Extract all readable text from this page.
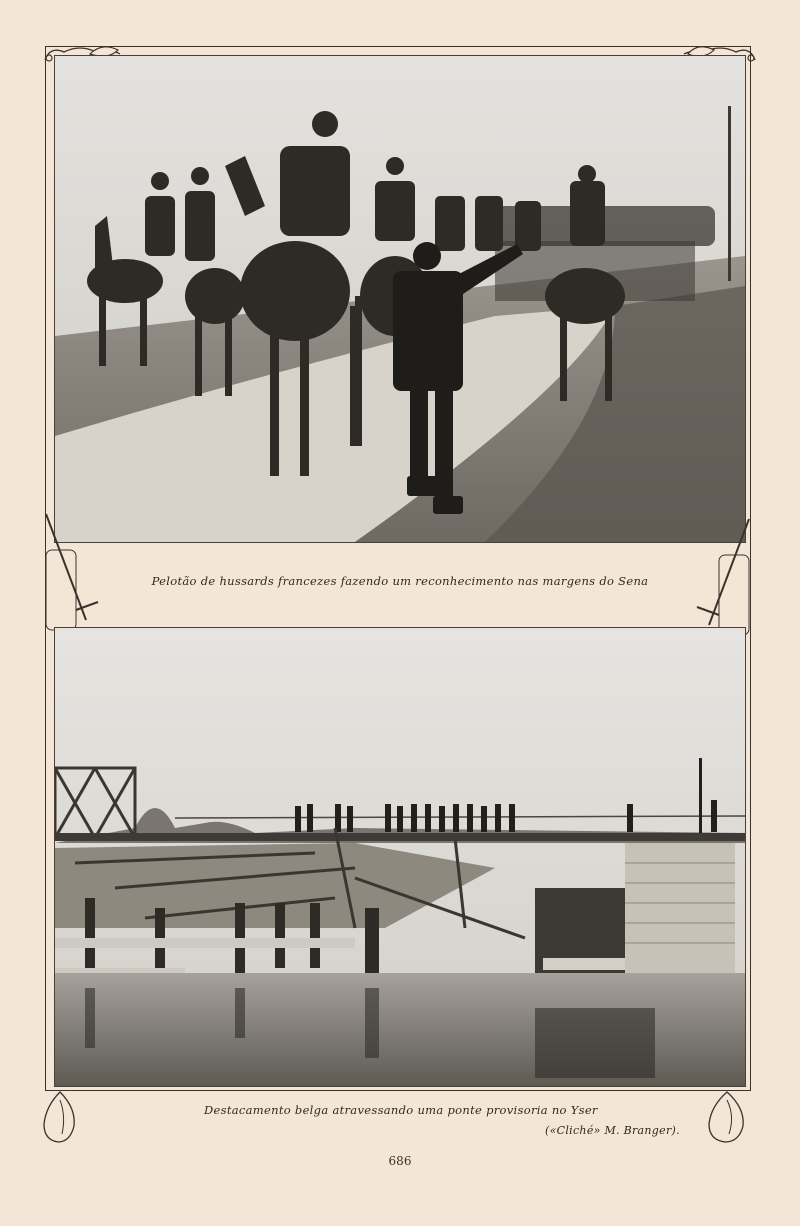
Pelotão de hussards francezes fazendo um reconhecimento nas margens do Sena
Destacamento belga atravessando uma ponte provisoria no Yser
(«Cliché» M. Branger).
686
